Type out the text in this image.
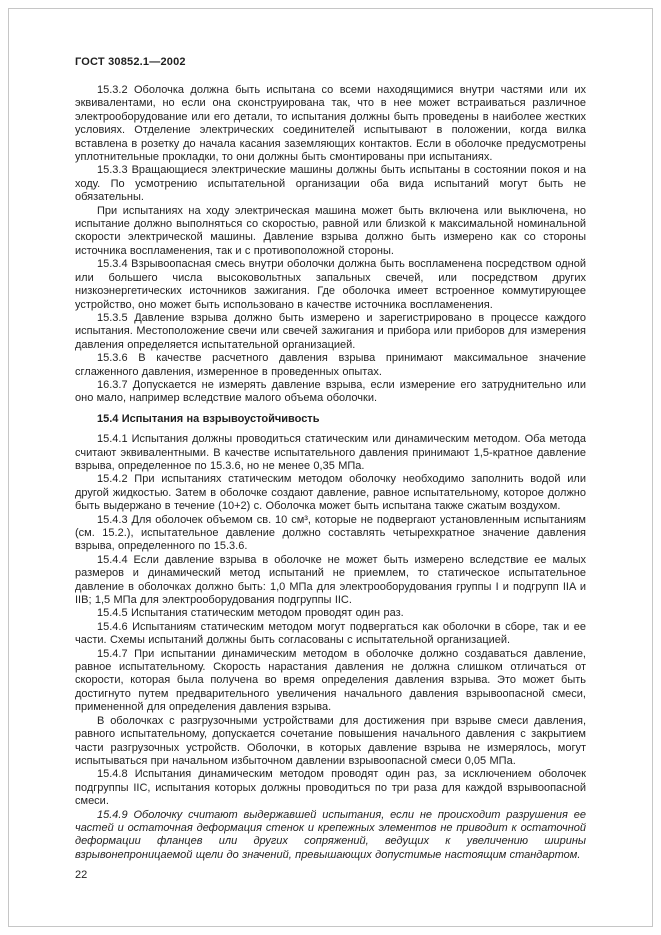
ГОСТ 30852.1—2002

15.3.2 Оболочка должна быть испытана со всеми находящимися внутри частями или их эквивалентами, но если она сконструирована так, что в нее может встраиваться различное электрооборудование или его детали, то испытания должны быть проведены в наиболее жестких условиях. Отделение электрических соединителей испытывают в положении, когда вилка вставлена в розетку до начала касания заземляющих контактов. Если в оболочке предусмотрены уплотнительные прокладки, то они должны быть смонтированы при испытаниях.

15.3.3 Вращающиеся электрические машины должны быть испытаны в состоянии покоя и на ходу. По усмотрению испытательной организации оба вида испытаний могут быть не обязательны.

При испытаниях на ходу электрическая машина может быть включена или выключена, но испытание должно выполняться со скоростью, равной или близкой к максимальной номинальной скорости электрической машины. Давление взрыва должно быть измерено как со стороны источника воспламенения, так и с противоположной стороны.

15.3.4 Взрывоопасная смесь внутри оболочки должна быть воспламенена посредством одной или большего числа высоковольтных запальных свечей, или посредством других низкоэнергетических источников зажигания. Где оболочка имеет встроенное коммутирующее устройство, оно может быть использовано в качестве источника воспламенения.

15.3.5 Давление взрыва должно быть измерено и зарегистрировано в процессе каждого испытания. Местоположение свечи или свечей зажигания и прибора или приборов для измерения давления определяется испытательной организацией.

15.3.6 В качестве расчетного давления взрыва принимают максимальное значение сглаженного давления, измеренное в проведенных опытах.

16.3.7 Допускается не измерять давление взрыва, если измерение его затруднительно или оно мало, например вследствие малого объема оболочки.

15.4 Испытания на взрывоустойчивость

15.4.1 Испытания должны проводиться статическим или динамическим методом. Оба метода считают эквивалентными. В качестве испытательного давления принимают 1,5-кратное давление взрыва, определенное по 15.3.6, но не менее 0,35 МПа.

15.4.2 При испытаниях статическим методом оболочку необходимо заполнить водой или другой жидкостью. Затем в оболочке создают давление, равное испытательному, которое должно быть выдержано в течение (10+2) с. Оболочка может быть испытана также сжатым воздухом.

15.4.3 Для оболочек объемом св. 10 см³, которые не подвергают установленным испытаниям (см. 15.2.), испытательное давление должно составлять четырехкратное значение давления взрыва, определенного по 15.3.6.

15.4.4 Если давление взрыва в оболочке не может быть измерено вследствие ее малых размеров и динамический метод испытаний не приемлем, то статическое испытательное давление в оболочках должно быть: 1,0 МПа для электрооборудования группы I и подгрупп IIA и IIB; 1,5 МПа для электрооборудования подгруппы IIC.

15.4.5 Испытания статическим методом проводят один раз.

15.4.6 Испытаниям статическим методом могут подвергаться как оболочки в сборе, так и ее части. Схемы испытаний должны быть согласованы с испытательной организацией.

15.4.7 При испытании динамическим методом в оболочке должно создаваться давление, равное испытательному. Скорость нарастания давления не должна слишком отличаться от скорости, которая была получена во время определения давления взрыва. Это может быть достигнуто путем предварительного увеличения начального давления взрывоопасной смеси, примененной для определения давления взрыва.

В оболочках с разгрузочными устройствами для достижения при взрыве смеси давления, равного испытательному, допускается сочетание повышения начального давления с закрытием части разгрузочных устройств. Оболочки, в которых давление взрыва не измерялось, могут испытываться при начальном избыточном давлении взрывоопасной смеси 0,05 МПа.

15.4.8 Испытания динамическим методом проводят один раз, за исключением оболочек подгруппы IIC, испытания которых должны проводиться по три раза для каждой взрывоопасной смеси.

15.4.9 Оболочку считают выдержавшей испытания, если не происходит разрушения ее частей и остаточная деформация стенок и крепежных элементов не приводит к остаточной деформации фланцев или других сопряжений, ведущих к увеличению ширины взрывонепроницаемой щели до значений, превышающих допустимые настоящим стандартом.

22
